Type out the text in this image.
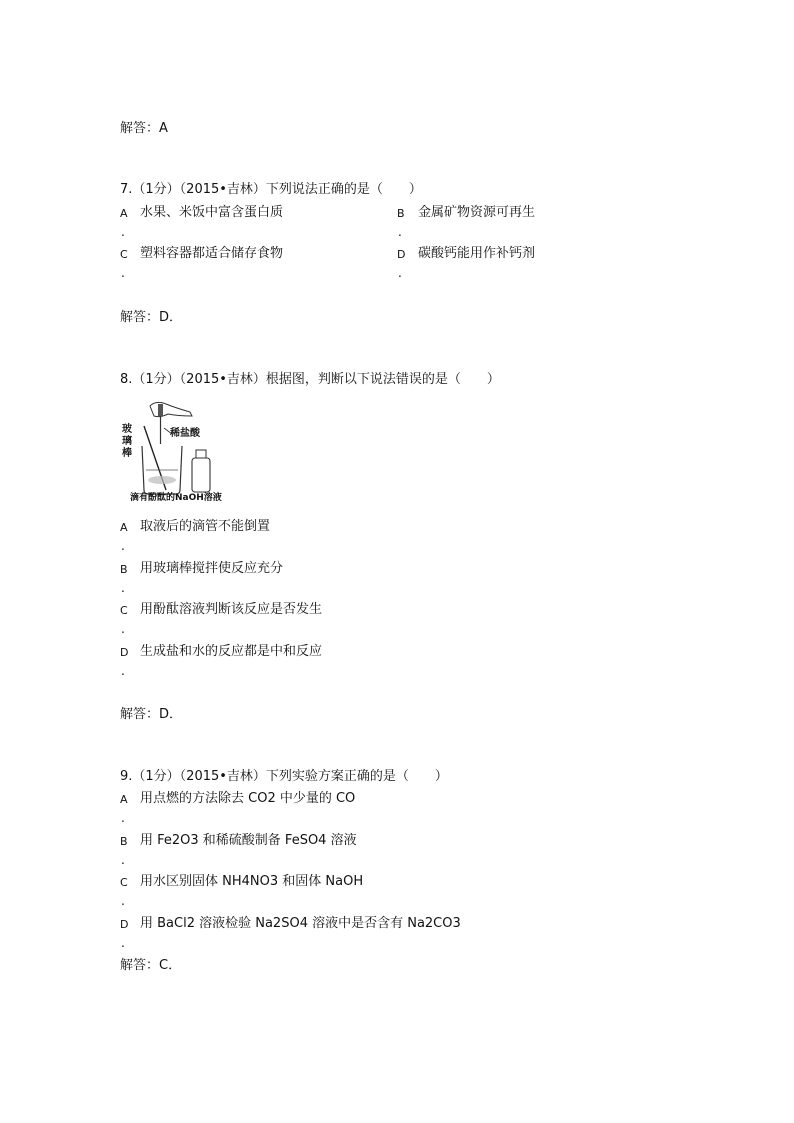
解答：A
7.（1分）（2015•吉林）下列说法正确的是（　　）
A 水果、米饭中富含蛋白质
.
B 金属矿物资源可再生
.
C 塑料容器都适合储存食物
.
D 碳酸钙能用作补钙剂
.
解答：D．
8.（1分）（2015•吉林）根据图，判断以下说法错误的是（　　）
玻璃棒
稀盐酸
滴有酚酞的NaOH溶液
A 取液后的滴管不能倒置
.
B 用玻璃棒搅拌使反应充分
.
C 用酚酞溶液判断该反应是否发生
.
D 生成盐和水的反应都是中和反应
.
解答：D．
9.（1分）（2015•吉林）下列实验方案正确的是（　　）
A 用点燃的方法除去 CO2 中少量的 CO
.
B 用 Fe2O3 和稀硫酸制备 FeSO4 溶液
.
C 用水区别固体 NH4NO3 和固体 NaOH
.
D 用 BaCl2 溶液检验 Na2SO4 溶液中是否含有 Na2CO3
.
解答：C．
